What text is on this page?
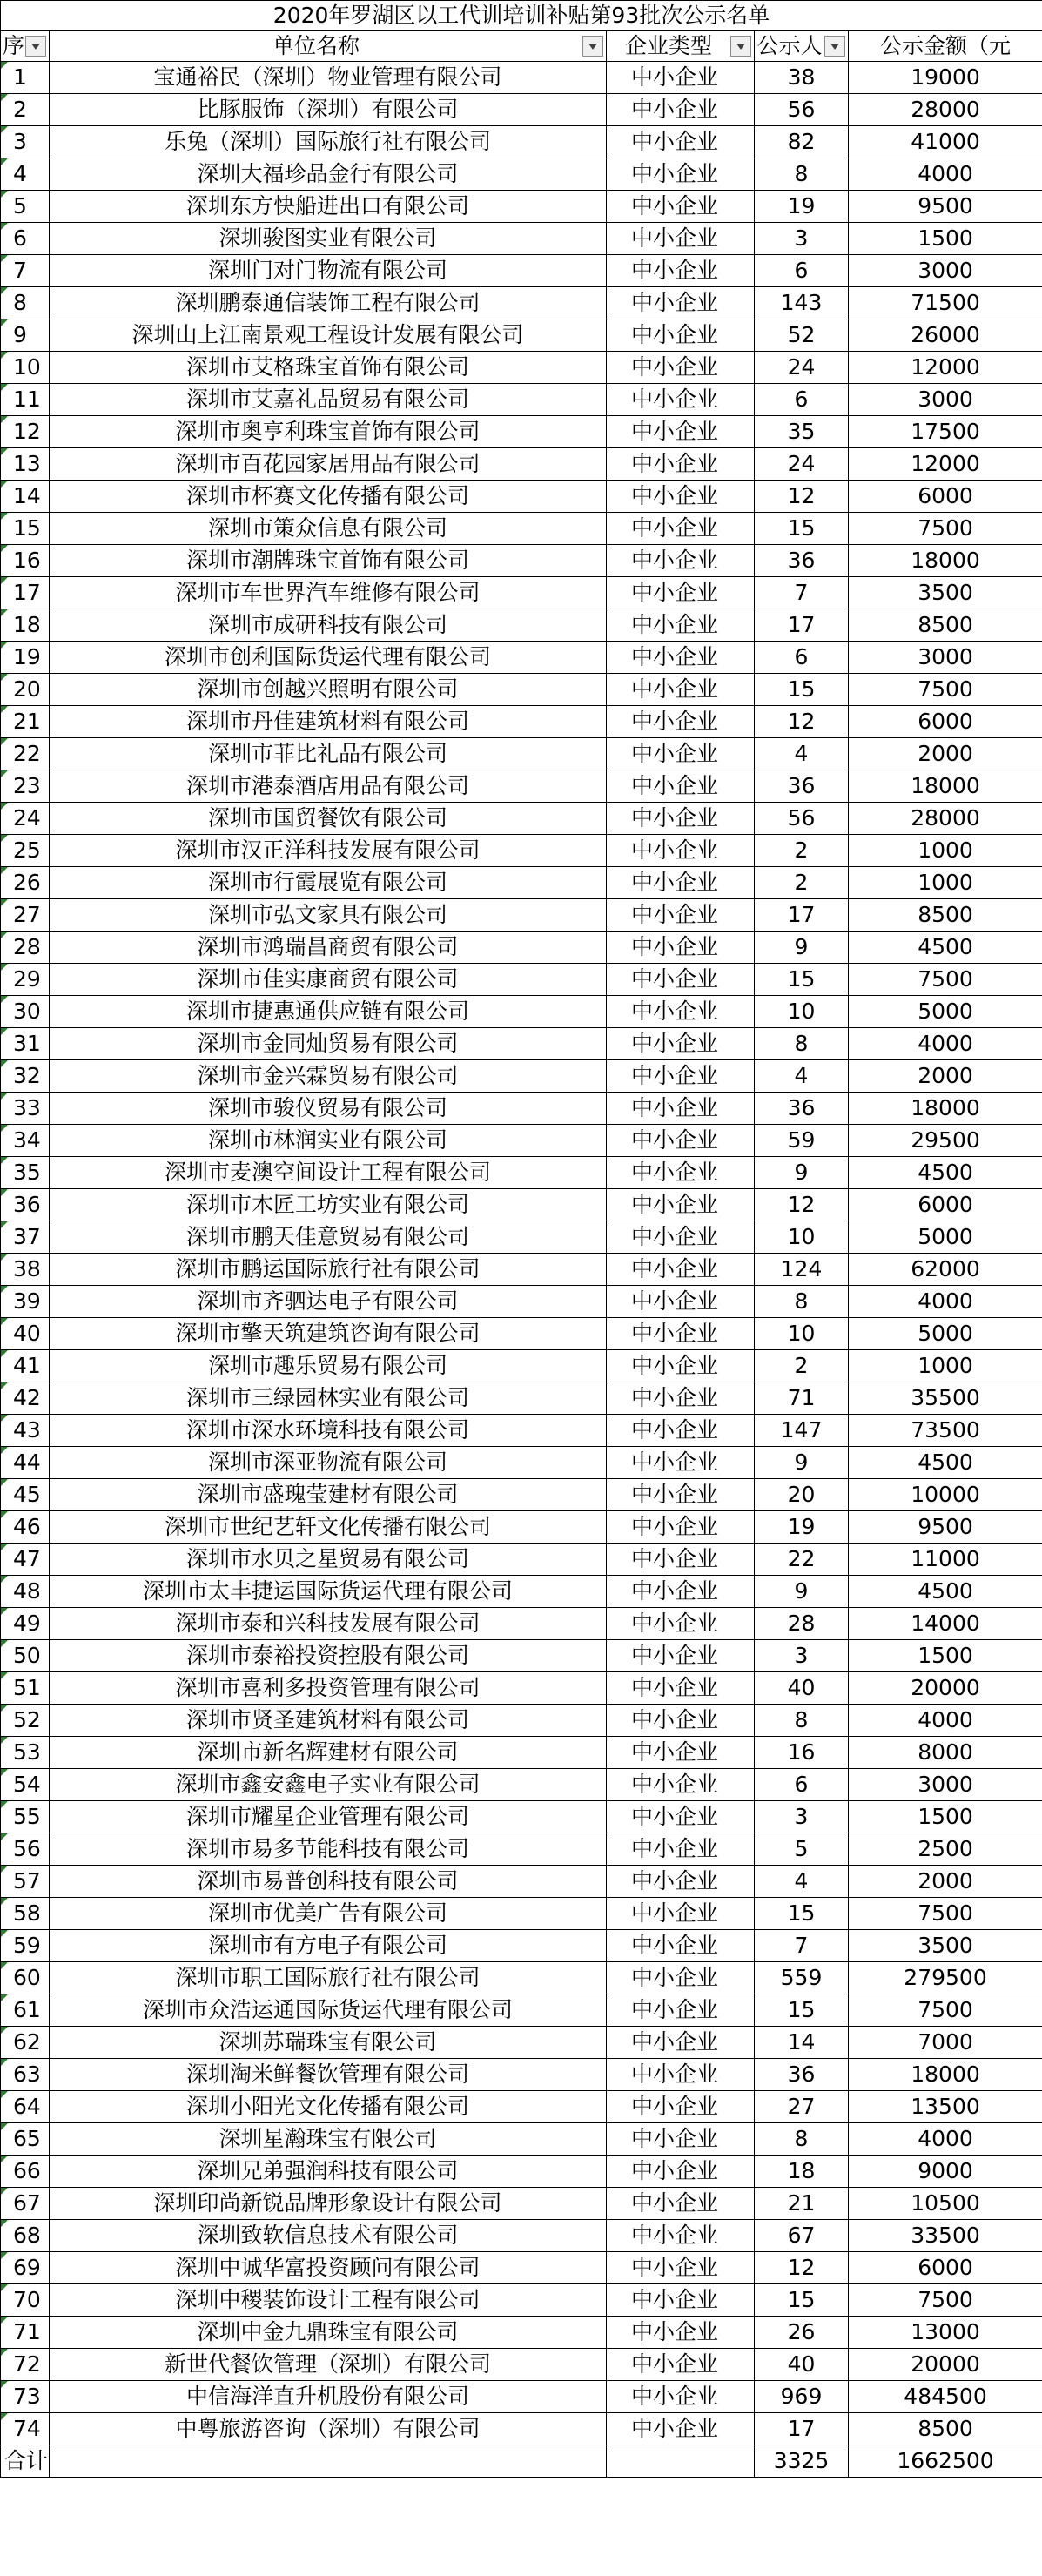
2020年罗湖区以工代训培训补贴第93批次公示名单				

序	单位名称	企业类型	公示人	公示金额（元

1	宝通裕民（深圳）物业管理有限公司	中小企业	38	19000
2	比豚服饰（深圳）有限公司	中小企业	56	28000
3	乐兔（深圳）国际旅行社有限公司	中小企业	82	41000
4	深圳大福珍品金行有限公司	中小企业	8	4000
5	深圳东方快船进出口有限公司	中小企业	19	9500
6	深圳骏图实业有限公司	中小企业	3	1500
7	深圳门对门物流有限公司	中小企业	6	3000
8	深圳鹏泰通信装饰工程有限公司	中小企业	143	71500
9	深圳山上江南景观工程设计发展有限公司	中小企业	52	26000
10	深圳市艾格珠宝首饰有限公司	中小企业	24	12000
11	深圳市艾嘉礼品贸易有限公司	中小企业	6	3000
12	深圳市奥亨利珠宝首饰有限公司	中小企业	35	17500
13	深圳市百花园家居用品有限公司	中小企业	24	12000
14	深圳市杯赛文化传播有限公司	中小企业	12	6000
15	深圳市策众信息有限公司	中小企业	15	7500
16	深圳市潮牌珠宝首饰有限公司	中小企业	36	18000
17	深圳市车世界汽车维修有限公司	中小企业	7	3500
18	深圳市成研科技有限公司	中小企业	17	8500
19	深圳市创利国际货运代理有限公司	中小企业	6	3000
20	深圳市创越兴照明有限公司	中小企业	15	7500
21	深圳市丹佳建筑材料有限公司	中小企业	12	6000
22	深圳市菲比礼品有限公司	中小企业	4	2000
23	深圳市港泰酒店用品有限公司	中小企业	36	18000
24	深圳市国贸餐饮有限公司	中小企业	56	28000
25	深圳市汉正洋科技发展有限公司	中小企业	2	1000
26	深圳市行霞展览有限公司	中小企业	2	1000
27	深圳市弘文家具有限公司	中小企业	17	8500
28	深圳市鸿瑞昌商贸有限公司	中小企业	9	4500
29	深圳市佳实康商贸有限公司	中小企业	15	7500
30	深圳市捷惠通供应链有限公司	中小企业	10	5000
31	深圳市金同灿贸易有限公司	中小企业	8	4000
32	深圳市金兴霖贸易有限公司	中小企业	4	2000
33	深圳市骏仪贸易有限公司	中小企业	36	18000
34	深圳市林润实业有限公司	中小企业	59	29500
35	深圳市麦澳空间设计工程有限公司	中小企业	9	4500
36	深圳市木匠工坊实业有限公司	中小企业	12	6000
37	深圳市鹏天佳意贸易有限公司	中小企业	10	5000
38	深圳市鹏运国际旅行社有限公司	中小企业	124	62000
39	深圳市齐驷达电子有限公司	中小企业	8	4000
40	深圳市擎天筑建筑咨询有限公司	中小企业	10	5000
41	深圳市趣乐贸易有限公司	中小企业	2	1000
42	深圳市三绿园林实业有限公司	中小企业	71	35500
43	深圳市深水环境科技有限公司	中小企业	147	73500
44	深圳市深亚物流有限公司	中小企业	9	4500
45	深圳市盛瑰莹建材有限公司	中小企业	20	10000
46	深圳市世纪艺轩文化传播有限公司	中小企业	19	9500
47	深圳市水贝之星贸易有限公司	中小企业	22	11000
48	深圳市太丰捷运国际货运代理有限公司	中小企业	9	4500
49	深圳市泰和兴科技发展有限公司	中小企业	28	14000
50	深圳市泰裕投资控股有限公司	中小企业	3	1500
51	深圳市喜利多投资管理有限公司	中小企业	40	20000
52	深圳市贤圣建筑材料有限公司	中小企业	8	4000
53	深圳市新名辉建材有限公司	中小企业	16	8000
54	深圳市鑫安鑫电子实业有限公司	中小企业	6	3000
55	深圳市耀星企业管理有限公司	中小企业	3	1500
56	深圳市易多节能科技有限公司	中小企业	5	2500
57	深圳市易普创科技有限公司	中小企业	4	2000
58	深圳市优美广告有限公司	中小企业	15	7500
59	深圳市有方电子有限公司	中小企业	7	3500
60	深圳市职工国际旅行社有限公司	中小企业	559	279500
61	深圳市众浩运通国际货运代理有限公司	中小企业	15	7500
62	深圳苏瑞珠宝有限公司	中小企业	14	7000
63	深圳淘米鲜餐饮管理有限公司	中小企业	36	18000
64	深圳小阳光文化传播有限公司	中小企业	27	13500
65	深圳星瀚珠宝有限公司	中小企业	8	4000
66	深圳兄弟强润科技有限公司	中小企业	18	9000
67	深圳印尚新锐品牌形象设计有限公司	中小企业	21	10500
68	深圳致软信息技术有限公司	中小企业	67	33500
69	深圳中诚华富投资顾问有限公司	中小企业	12	6000
70	深圳中稷装饰设计工程有限公司	中小企业	15	7500
71	深圳中金九鼎珠宝有限公司	中小企业	26	13000
72	新世代餐饮管理（深圳）有限公司	中小企业	40	20000
73	中信海洋直升机股份有限公司	中小企业	969	484500
74	中粤旅游咨询（深圳）有限公司	中小企业	17	8500
合计			3325	1662500
